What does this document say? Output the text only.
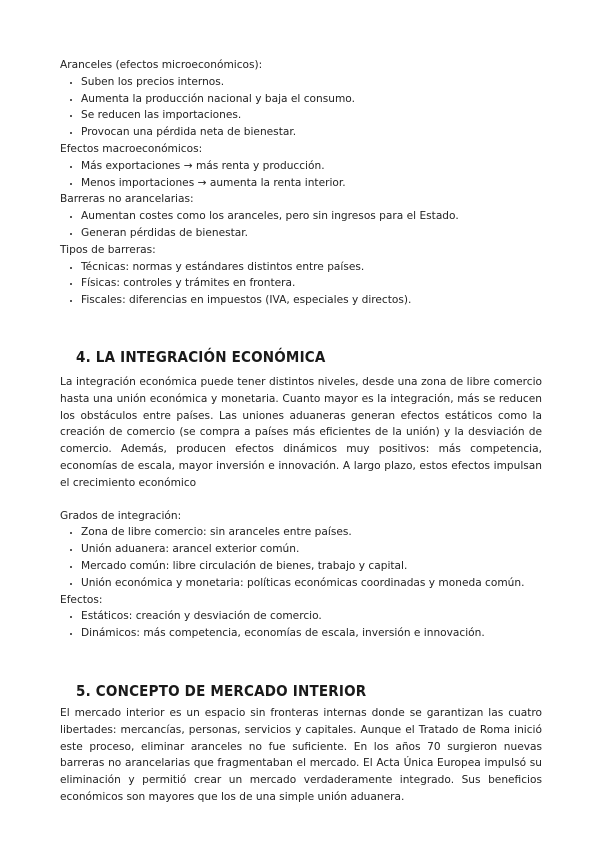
Aranceles (efectos microeconómicos):

• Suben los precios internos.
• Aumenta la producción nacional y baja el consumo.
• Se reducen las importaciones.
• Provocan una pérdida neta de bienestar.

Efectos macroeconómicos:

• Más exportaciones → más renta y producción.
• Menos importaciones → aumenta la renta interior.

Barreras no arancelarias:

• Aumentan costes como los aranceles, pero sin ingresos para el Estado.
• Generan pérdidas de bienestar.

Tipos de barreras:

• Técnicas: normas y estándares distintos entre países.
• Físicas: controles y trámites en frontera.
• Fiscales: diferencias en impuestos (IVA, especiales y directos).
4. LA INTEGRACIÓN ECONÓMICA

La integración económica puede tener distintos niveles, desde una zona de libre comercio hasta una unión económica y monetaria. Cuanto mayor es la integración, más se reducen los obstáculos entre países. Las uniones aduaneras generan efectos estáticos como la creación de comercio (se compra a países más eficientes de la unión) y la desviación de comercio. Además, producen efectos dinámicos muy positivos: más competencia, economías de escala, mayor inversión e innovación. A largo plazo, estos efectos impulsan el crecimiento económico

Grados de integración:

• Zona de libre comercio: sin aranceles entre países.
• Unión aduanera: arancel exterior común.
• Mercado común: libre circulación de bienes, trabajo y capital.
• Unión económica y monetaria: políticas económicas coordinadas y moneda común.

Efectos:

• Estáticos: creación y desviación de comercio.
• Dinámicos: más competencia, economías de escala, inversión e innovación.
5. CONCEPTO DE MERCADO INTERIOR

El mercado interior es un espacio sin fronteras internas donde se garantizan las cuatro libertades: mercancías, personas, servicios y capitales. Aunque el Tratado de Roma inició este proceso, eliminar aranceles no fue suficiente. En los años 70 surgieron nuevas barreras no arancelarias que fragmentaban el mercado. El Acta Única Europea impulsó su eliminación y permitió crear un mercado verdaderamente integrado. Sus beneficios económicos son mayores que los de una simple unión aduanera.
